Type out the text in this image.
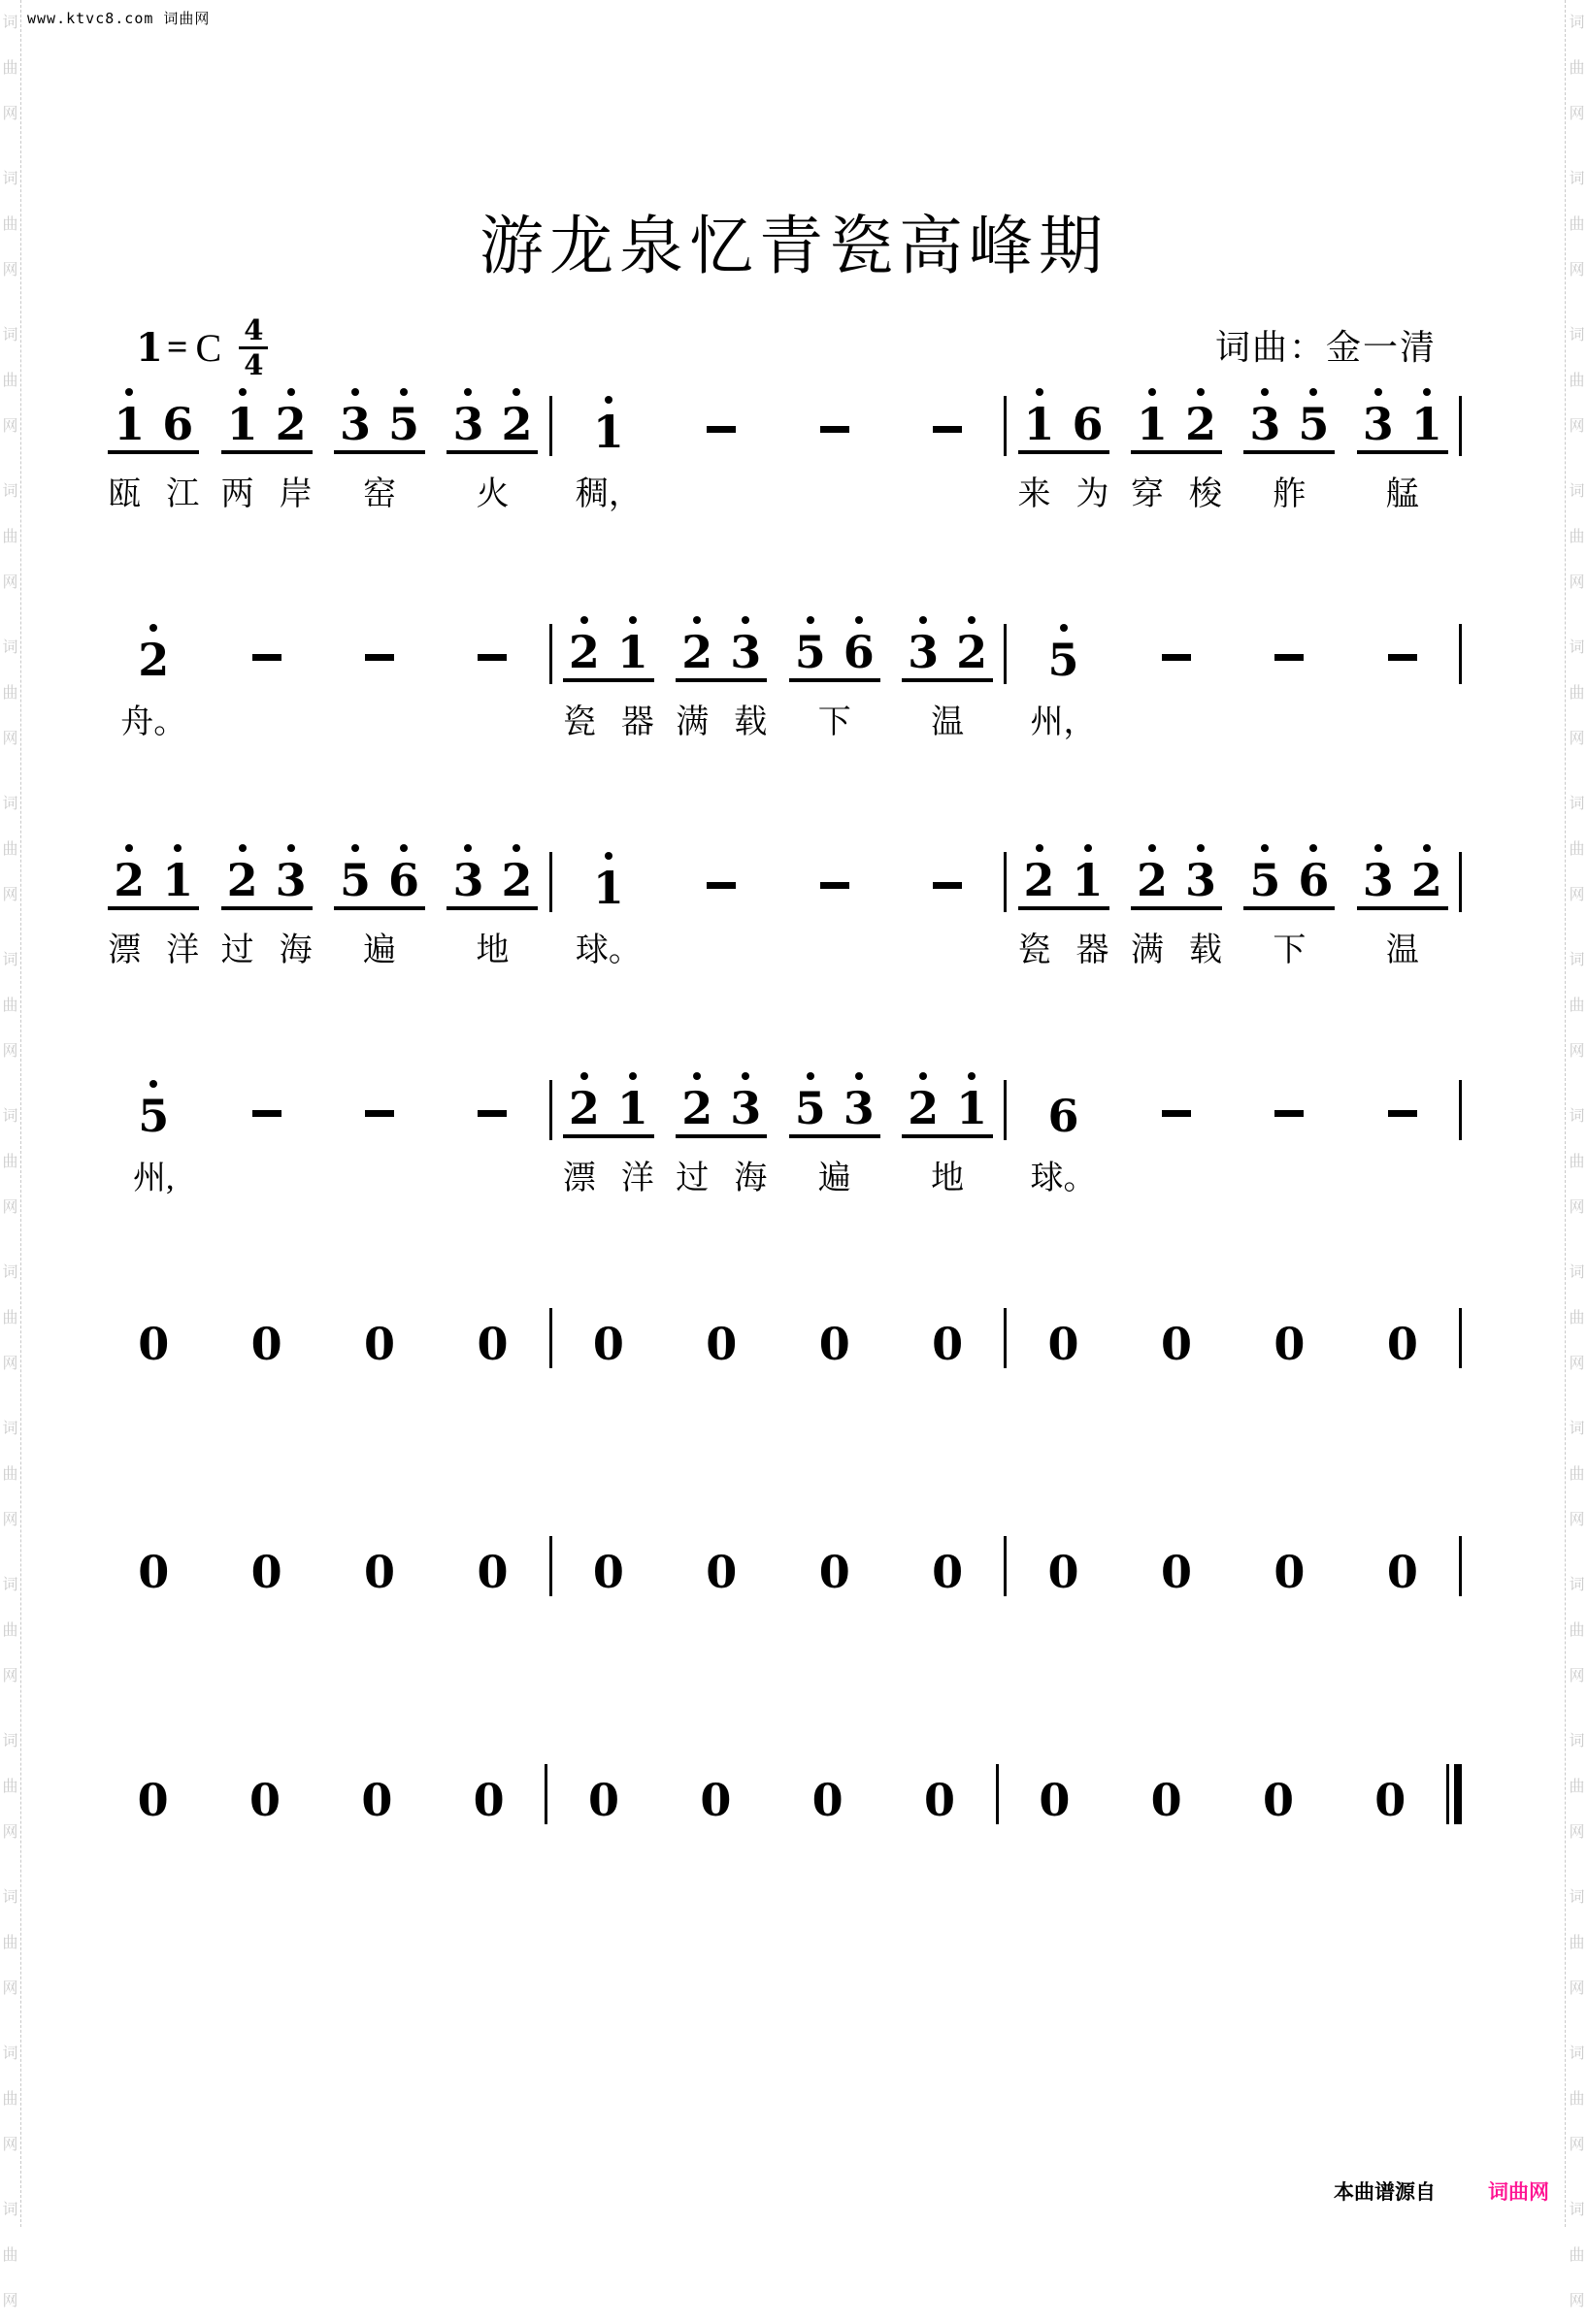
词
曲
网
词
曲
网
词
曲
网
词
曲
网
词
曲
网
词
曲
网
词
曲
网
词
曲
网
词
曲
网
词
曲
网
词
曲
网
词
曲
网
词
曲
网
词
曲
网
词
曲
网
词
曲
网
词
曲
网
词
曲
网
词
曲
网
词
曲
网
词
曲
网
词
曲
网
词
曲
网
词
曲
网
词
曲
网
词
曲
网
词
曲
网
词
曲
网
词
曲
网
词
曲
网
www.ktvc8.com 词曲网
游龙泉忆青瓷高峰期
1 = C $\frac{4}{4}$	词曲：金一清
1 6 1 2 3 5 3 2 1	1 6 1 2 3 5 3 1
瓯江
两岸 窑 火 稠，	来为
穿梭 舴 艋
2	2 1 2 3 5 6 3 2 5
舟。	瓷器
满载 下 温 州，
2 1 2 3 5 6 3 2 1	2 1 2 3 5 6 3 2
漂洋
过海 遍 地 球。	瓷器
满载 下 温
5	2 1 2 3 5 3 2 1 6
州,	漂洋
过海 遍 地 球。
0 0 0 0 0 0 0 0 0 0 0 0
0 0 0 0 0 0 0 0 0 0 0 0
0 0 0 0 0 0 0 0 0 0 0 0
本曲谱源自	词曲网
